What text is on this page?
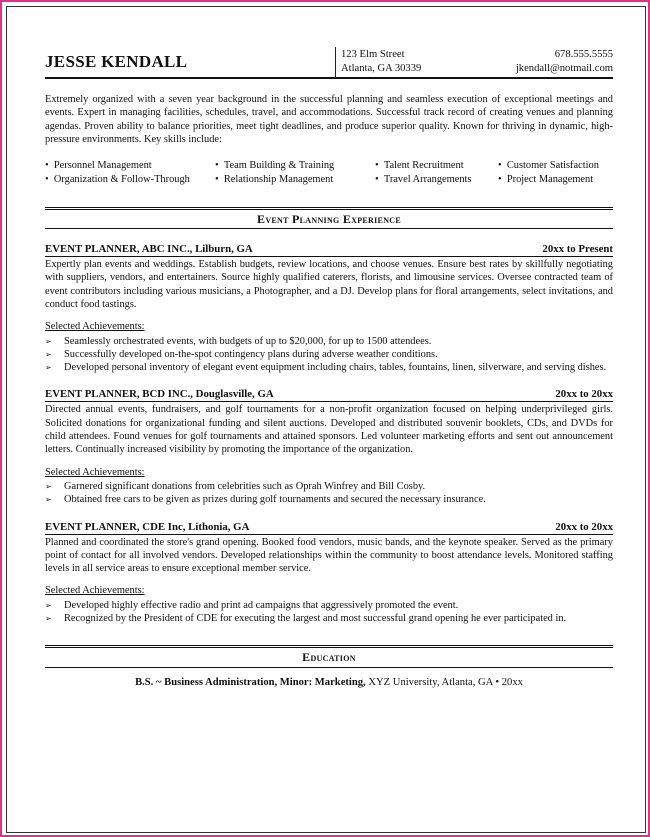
JESSE KENDALL	123 Elm Street
Atlanta, GA 30339
678.555.5555
jkendall@notmail.com
Extremely organized with a seven year background in the successful planning and seamless execution of exceptional meetings and events. Expert in managing facilities, schedules, travel, and accommodations. Successful track record of creating venues and planning agendas. Proven ability to balance priorities, meet tight deadlines, and produce superior quality. Known for thriving in dynamic, high-pressure environments. Key skills include:
•  Personnel Management	•  Team Building & Training	•  Talent Recruitment	•  Customer Satisfaction
•  Organization & Follow-Through	•  Relationship Management	•  Travel Arrangements	•  Project Management
Event Planning Experience
EVENT PLANNER, ABC INC., Lilburn, GA	20xx to Present
Expertly plan events and weddings. Establish budgets, review locations, and choose venues. Ensure best rates by skillfully negotiating with suppliers, vendors, and entertainers. Source highly qualified caterers, florists, and limousine services. Oversee contracted team of event contributors including various musicians, a Photographer, and a DJ. Develop plans for floral arrangements, select invitations, and conduct food tastings.
Selected Achievements:
➢ Seamlessly orchestrated events, with budgets of up to $20,000, for up to 1500 attendees.
➢ Successfully developed on-the-spot contingency plans during adverse weather conditions.
➢ Developed personal inventory of elegant event equipment including chairs, tables, fountains, linen, silverware, and serving dishes.
EVENT PLANNER, BCD INC., Douglasville, GA	20xx to 20xx
Directed annual events, fundraisers, and golf tournaments for a non-profit organization focused on helping underprivileged girls. Solicited donations for organizational funding and silent auctions. Developed and distributed souvenir booklets, CDs, and DVDs for child attendees. Found venues for golf tournaments and attained sponsors. Led volunteer marketing efforts and sent out announcement letters. Continually increased visibility by promoting the importance of the organization.
Selected Achievements:
➢ Garnered significant donations from celebrities such as Oprah Winfrey and Bill Cosby.
➢ Obtained free cars to be given as prizes during golf tournaments and secured the necessary insurance.
EVENT PLANNER, CDE Inc, Lithonia, GA	20xx to 20xx
Planned and coordinated the store's grand opening. Booked food vendors, music bands, and the keynote speaker. Served as the primary point of contact for all involved vendors. Developed relationships within the community to boost attendance levels. Monitored staffing levels in all service areas to ensure exceptional member service.
Selected Achievements:
➢ Developed highly effective radio and print ad campaigns that aggressively promoted the event.
➢ Recognized by the President of CDE for executing the largest and most successful grand opening he ever participated in.
Education
B.S. ~ Business Administration, Minor: Marketing, XYZ University, Atlanta, GA • 20xx
